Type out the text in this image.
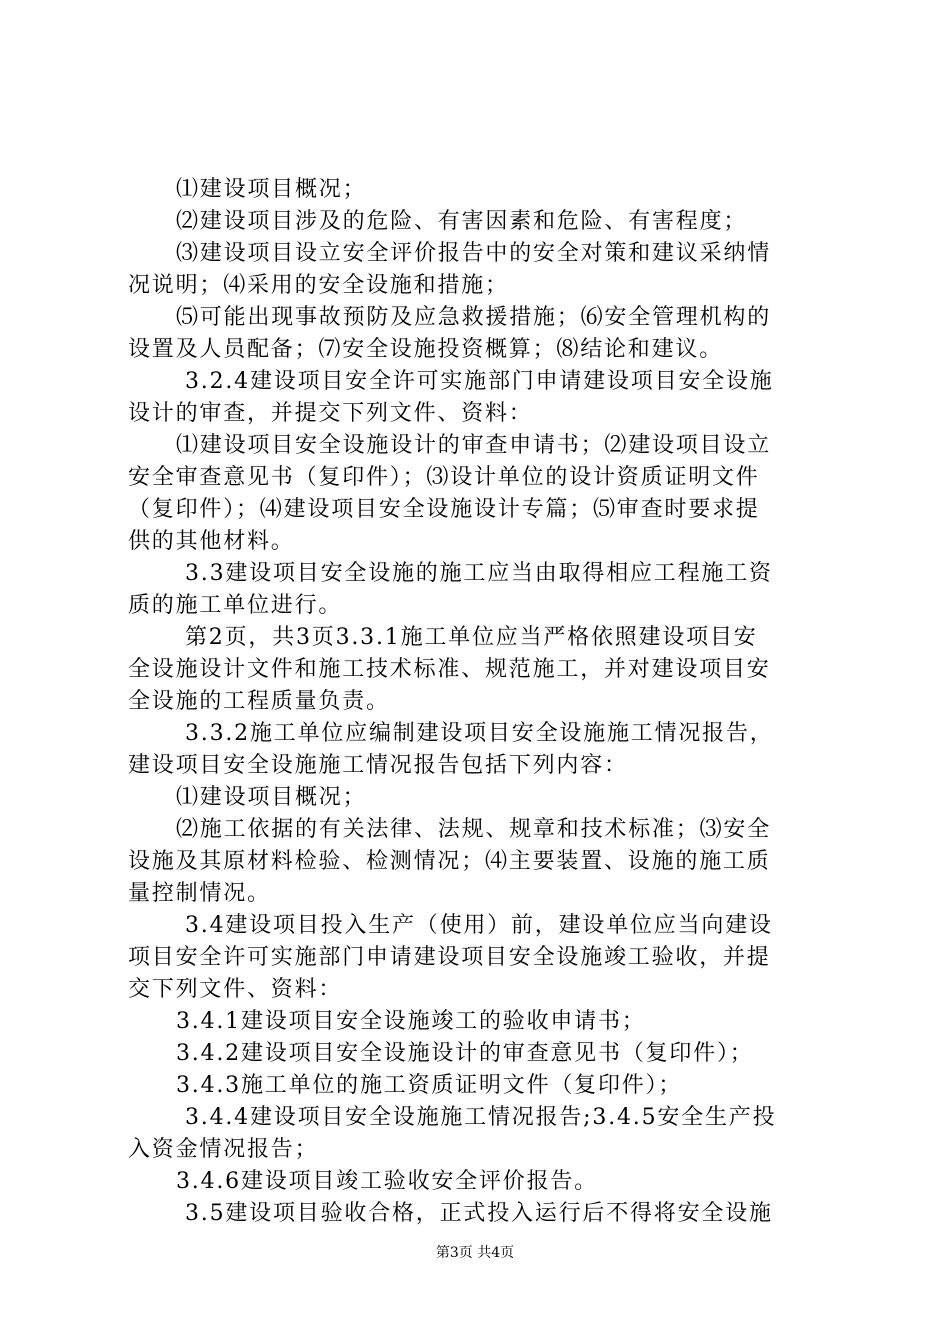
⑴建设项目概况；
⑵建设项目涉及的危险、有害因素和危险、有害程度；
⑶建设项目设立安全评价报告中的安全对策和建议采纳情
况说明；⑷采用的安全设施和措施；
⑸可能出现事故预防及应急救援措施；⑹安全管理机构的
设置及人员配备；⑺安全设施投资概算；⑻结论和建议。
3.2.4建设项目安全许可实施部门申请建设项目安全设施
设计的审查，并提交下列文件、资料：
⑴建设项目安全设施设计的审查申请书；⑵建设项目设立
安全审查意见书（复印件）；⑶设计单位的设计资质证明文件
（复印件）；⑷建设项目安全设施设计专篇；⑸审查时要求提
供的其他材料。
3.3建设项目安全设施的施工应当由取得相应工程施工资
质的施工单位进行。
第2页，共3页3.3.1施工单位应当严格依照建设项目安
全设施设计文件和施工技术标准、规范施工，并对建设项目安
全设施的工程质量负责。
3.3.2施工单位应编制建设项目安全设施施工情况报告，
建设项目安全设施施工情况报告包括下列内容：
⑴建设项目概况；
⑵施工依据的有关法律、法规、规章和技术标准；⑶安全
设施及其原材料检验、检测情况；⑷主要装置、设施的施工质
量控制情况。
3.4建设项目投入生产（使用）前，建设单位应当向建设
项目安全许可实施部门申请建设项目安全设施竣工验收，并提
交下列文件、资料：
3.4.1建设项目安全设施竣工的验收申请书；
3.4.2建设项目安全设施设计的审查意见书（复印件）；
3.4.3施工单位的施工资质证明文件（复印件）；
3.4.4建设项目安全设施施工情况报告;3.4.5安全生产投
入资金情况报告；
3.4.6建设项目竣工验收安全评价报告。
3.5建设项目验收合格，正式投入运行后不得将安全设施
第3页 共4页
